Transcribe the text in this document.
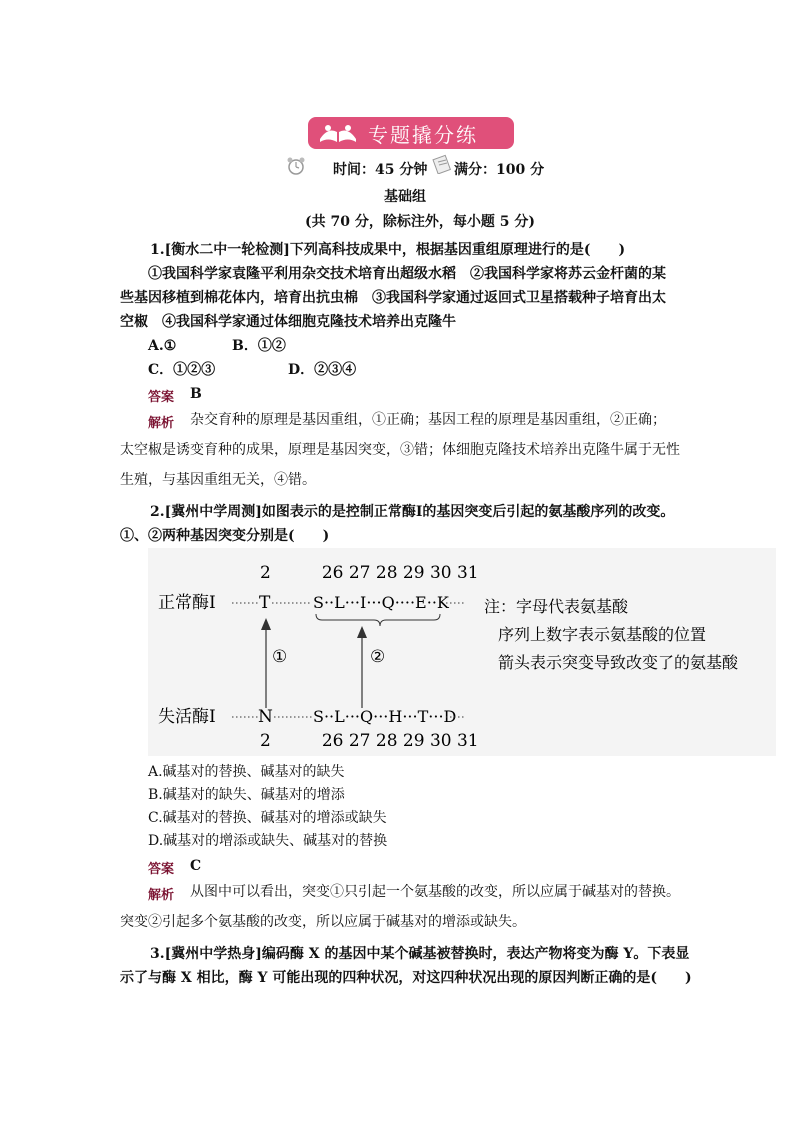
专题撬分练
时间：45 分钟 满分：100 分
基础组
(共 70 分，除标注外，每小题 5 分)
1.[衡水二中一轮检测]下列高科技成果中，根据基因重组原理进行的是(　　)
①我国科学家袁隆平利用杂交技术培育出超级水稻　②我国科学家将苏云金杆菌的某
些基因移植到棉花体内，培育出抗虫棉　③我国科学家通过返回式卫星搭载种子培育出太
空椒　④我国科学家通过体细胞克隆技术培养出克隆牛
A.①	B．①②
C．①②③	D．②③④
答案 B
解析 杂交育种的原理是基因重组，①正确；基因工程的原理是基因重组，②正确；
太空椒是诱变育种的成果，原理是基因突变，③错；体细胞克隆技术培养出克隆牛属于无性
生殖，与基因重组无关，④错。
2.[冀州中学周测]如图表示的是控制正常酶Ⅰ的基因突变后引起的氨基酸序列的改变。
①、②两种基因突变分别是(　　)
2　　　26 27 28 29 30 31
正常酶Ⅰ	T	S··L···I···Q····E··K
①	②
失活酶Ⅰ N	S··L···Q···H···T···D
2　　　26 27 28 29 30 31
注：字母代表氨基酸
序列上数字表示氨基酸的位置
箭头表示突变导致改变了的氨基酸
A.碱基对的替换、碱基对的缺失
B.碱基对的缺失、碱基对的增添
C.碱基对的替换、碱基对的增添或缺失
D.碱基对的增添或缺失、碱基对的替换
答案 C
解析 从图中可以看出，突变①只引起一个氨基酸的改变，所以应属于碱基对的替换。
突变②引起多个氨基酸的改变，所以应属于碱基对的增添或缺失。
3.[冀州中学热身]编码酶 X 的基因中某个碱基被替换时，表达产物将变为酶 Y。下表显
示了与酶 X 相比，酶 Y 可能出现的四种状况，对这四种状况出现的原因判断正确的是(　　)
